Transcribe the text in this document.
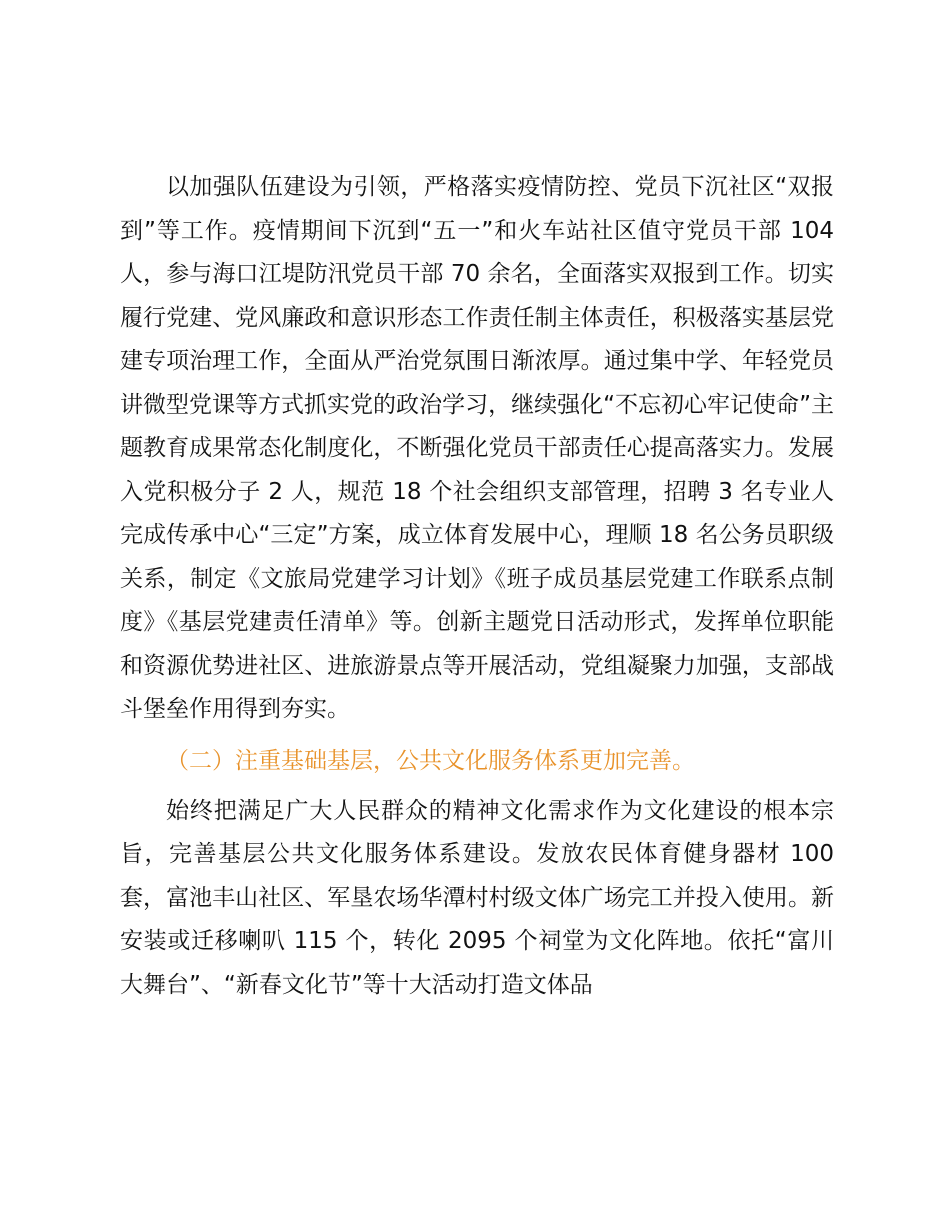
以加强队伍建设为引领，严格落实疫情防控、党员下沉社区“双报到”等工作。疫情期间下沉到“五一”和火车站社区值守党员干部 104 人，参与海口江堤防汛党员干部 70 余名，全面落实双报到工作。切实履行党建、党风廉政和意识形态工作责任制主体责任，积极落实基层党建专项治理工作，全面从严治党氛围日渐浓厚。通过集中学、年轻党员讲微型党课等方式抓实党的政治学习，继续强化“不忘初心牢记使命”主题教育成果常态化制度化，不断强化党员干部责任心提高落实力。发展入党积极分子 2 人，规范 18 个社会组织支部管理，招聘 3 名专业人完成传承中心“三定”方案，成立体育发展中心，理顺 18 名公务员职级关系，制定《文旅局党建学习计划》《班子成员基层党建工作联系点制度》《基层党建责任清单》等。创新主题党日活动形式，发挥单位职能和资源优势进社区、进旅游景点等开展活动，党组凝聚力加强，支部战斗堡垒作用得到夯实。

（二）注重基础基层，公共文化服务体系更加完善。

始终把满足广大人民群众的精神文化需求作为文化建设的根本宗旨，完善基层公共文化服务体系建设。发放农民体育健身器材 100 套，富池丰山社区、军垦农场华潭村村级文体广场完工并投入使用。新安装或迁移喇叭 115 个，转化 2095 个祠堂为文化阵地。依托“富川大舞台”、“新春文化节”等十大活动打造文体品
